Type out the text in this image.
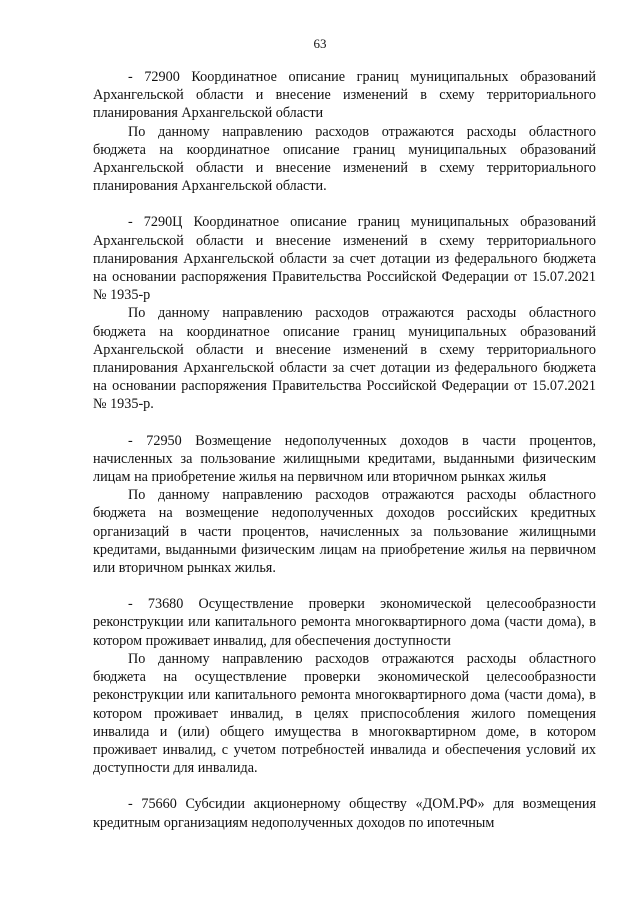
63

- 72900 Координатное описание границ муниципальных образований Архангельской области и внесение изменений в схему территориального планирования Архангельской области

По данному направлению расходов отражаются расходы областного бюджета на координатное описание границ муниципальных образований Архангельской области и внесение изменений в схему территориального планирования Архангельской области.

- 7290Ц Координатное описание границ муниципальных образований Архангельской области и внесение изменений в схему территориального планирования Архангельской области за счет дотации из федерального бюджета на основании распоряжения Правительства Российской Федерации от 15.07.2021 № 1935-р

По данному направлению расходов отражаются расходы областного бюджета на координатное описание границ муниципальных образований Архангельской области и внесение изменений в схему территориального планирования Архангельской области за счет дотации из федерального бюджета на основании распоряжения Правительства Российской Федерации от 15.07.2021 № 1935-р.

- 72950 Возмещение недополученных доходов в части процентов, начисленных за пользование жилищными кредитами, выданными физическим лицам на приобретение жилья на первичном или вторичном рынках жилья

По данному направлению расходов отражаются расходы областного бюджета на возмещение недополученных доходов российских кредитных организаций в части процентов, начисленных за пользование жилищными кредитами, выданными физическим лицам на приобретение жилья на первичном или вторичном рынках жилья.

- 73680 Осуществление проверки экономической целесообразности реконструкции или капитального ремонта многоквартирного дома (части дома), в котором проживает инвалид, для обеспечения доступности

По данному направлению расходов отражаются расходы областного бюджета на осуществление проверки экономической целесообразности реконструкции или капитального ремонта многоквартирного дома (части дома), в котором проживает инвалид, в целях приспособления жилого помещения инвалида и (или) общего имущества в многоквартирном доме, в котором проживает инвалид, с учетом потребностей инвалида и обеспечения условий их доступности для инвалида.

- 75660 Субсидии акционерному обществу «ДОМ.РФ» для возмещения кредитным организациям недополученных доходов по ипотечным
